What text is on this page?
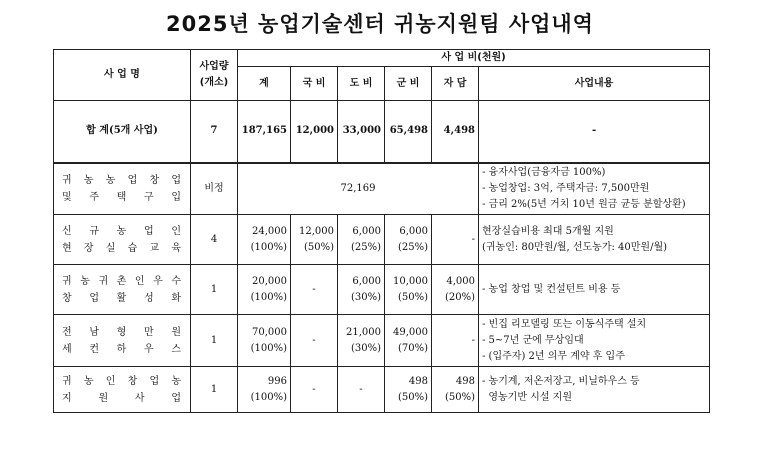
2025년 농업기술센터 귀농지원팀 사업내역
사 업 명	사업량
(개소)	사 업 비(천원)					
		계	국 비	도 비	군 비	자 담	사업내용
합 계(5개 사업)	7	187,165	12,000	33,000	65,498	4,498	-

귀 농 농 업 창 업
및 주 택 구 입	비정	72,169					- 융자사업(금융자금 100%)
- 농업창업: 3억, 주택자금: 7,500만원
- 금리 2%(5년 거치 10년 원금 균등 분할상환)

신 규 농 업 인
현 장 실 습 교 육	4	24,000
(100%)	12,000
(50%)	6,000
(25%)	6,000
(25%)	-	현장실습비용 최대 5개월 지원
(귀농인: 80만원/월, 선도농가: 40만원/월)

귀 농 귀 촌 인 우 수
창 업 활 성 화	1	20,000
(100%)	-	6,000
(30%)	10,000
(50%)	4,000
(20%)	- 농업 창업 및 컨설턴트 비용 등

전 남 형 만 원
세 컨 하 우 스	1	70,000
(100%)	-	21,000
(30%)	49,000
(70%)	-	- 빈집 리모델링 또는 이동식주택 설치
- 5~7년 군에 무상임대
- (입주자) 2년 의무 계약 후 입주

귀 농 인 창 업 농
지 원 사 업	1	996
(100%)	-	-	498
(50%)	498
(50%)	- 농기계, 저온저장고, 비닐하우스 등
영농기반 시설 지원
